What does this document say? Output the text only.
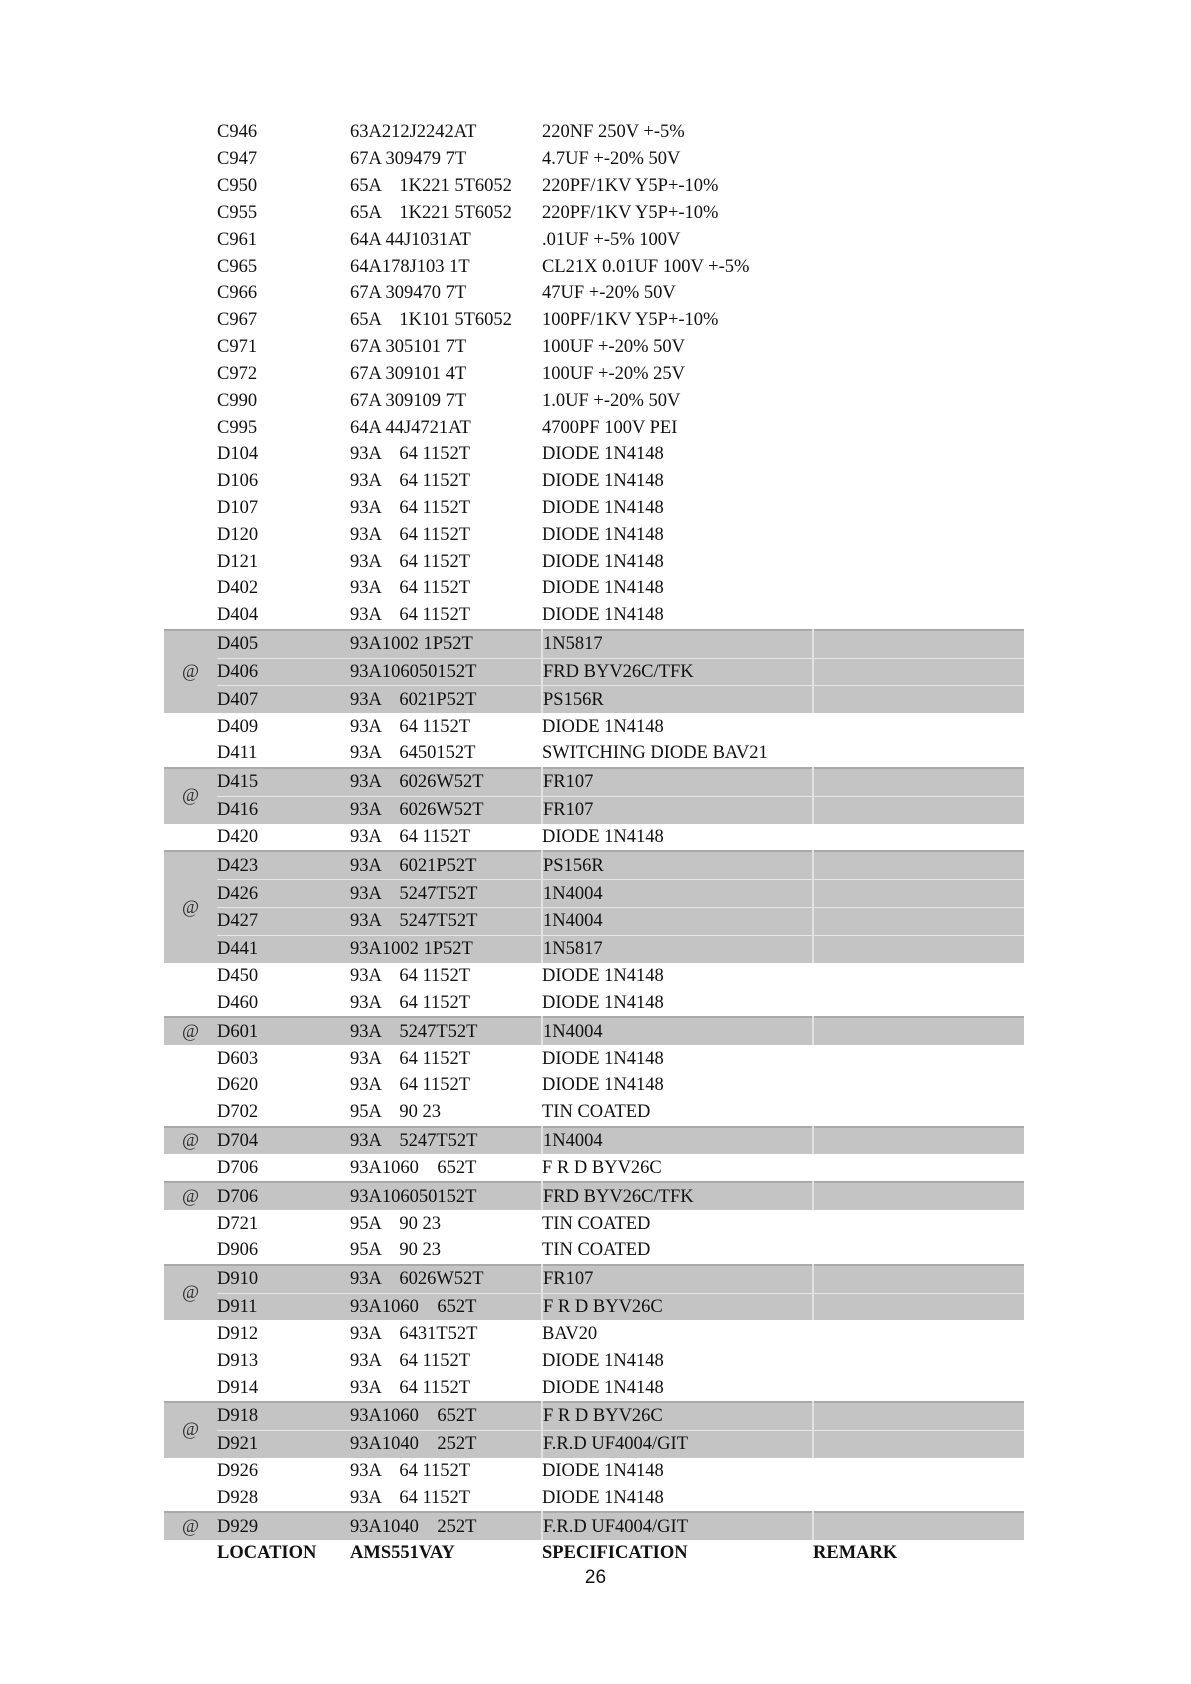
	C946	63A212J2242AT	220NF 250V +-5%	
	C947	67A 309479 7T	4.7UF +-20% 50V	
	C950	65A    1K221 5T6052	220PF/1KV Y5P+-10%	
	C955	65A    1K221 5T6052	220PF/1KV Y5P+-10%	
	C961	64A 44J1031AT	.01UF +-5% 100V	
	C965	64A178J103 1T	CL21X 0.01UF 100V +-5%	
	C966	67A 309470 7T	47UF +-20% 50V	
	C967	65A    1K101 5T6052	100PF/1KV Y5P+-10%	
	C971	67A 305101 7T	100UF +-20% 50V	
	C972	67A 309101 4T	100UF +-20% 25V	
	C990	67A 309109 7T	1.0UF +-20% 50V	
	C995	64A 44J4721AT	4700PF 100V PEI	
	D104	93A    64 1152T	DIODE 1N4148	
	D106	93A    64 1152T	DIODE 1N4148	
	D107	93A    64 1152T	DIODE 1N4148	
	D120	93A    64 1152T	DIODE 1N4148	
	D121	93A    64 1152T	DIODE 1N4148	
	D402	93A    64 1152T	DIODE 1N4148	
	D404	93A    64 1152T	DIODE 1N4148	
@	D405	93A1002 1P52T	1N5817	
	D406	93A106050152T	FRD BYV26C/TFK	
	D407	93A    6021P52T	PS156R	
	D409	93A    64 1152T	DIODE 1N4148	
	D411	93A    6450152T	SWITCHING DIODE BAV21	
@	D415	93A    6026W52T	FR107	
	D416	93A    6026W52T	FR107	
	D420	93A    64 1152T	DIODE 1N4148	
@	D423	93A    6021P52T	PS156R	
	D426	93A    5247T52T	1N4004	
	D427	93A    5247T52T	1N4004	
	D441	93A1002 1P52T	1N5817	
	D450	93A    64 1152T	DIODE 1N4148	
	D460	93A    64 1152T	DIODE 1N4148	
@	D601	93A    5247T52T	1N4004	
	D603	93A    64 1152T	DIODE 1N4148	
	D620	93A    64 1152T	DIODE 1N4148	
	D702	95A    90 23	TIN COATED	
@	D704	93A    5247T52T	1N4004	
	D706	93A1060    652T	F R D BYV26C	
@	D706	93A106050152T	FRD BYV26C/TFK	
	D721	95A    90 23	TIN COATED	
	D906	95A    90 23	TIN COATED	
@	D910	93A    6026W52T	FR107	
	D911	93A1060    652T	F R D BYV26C	
	D912	93A    6431T52T	BAV20	
	D913	93A    64 1152T	DIODE 1N4148	
	D914	93A    64 1152T	DIODE 1N4148	
@	D918	93A1060    652T	F R D BYV26C	
	D921	93A1040    252T	F.R.D UF4004/GIT	
	D926	93A    64 1152T	DIODE 1N4148	
	D928	93A    64 1152T	DIODE 1N4148	
@	D929	93A1040    252T	F.R.D UF4004/GIT	
	LOCATION	AMS551VAY	SPECIFICATION	REMARK
26
